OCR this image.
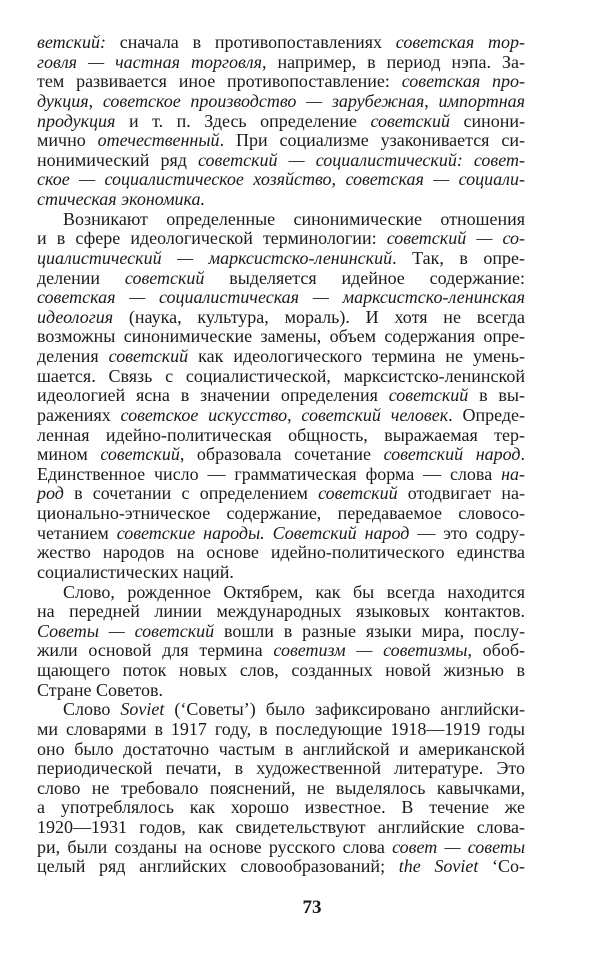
ветский: сначала в противопоставлениях советская тор-
говля — частная торговля, например, в период нэпа. За-
тем развивается иное противопоставление: советская про-
дукция, советское производство — зарубежная, импортная
продукция и т. п. Здесь определение советский синони-
мично отечественный. При социализме узаконивается си-
нонимический ряд советский — социалистический: совет-
ское — социалистическое хозяйство, советская — социали-
стическая экономика.
Возникают определенные синонимические отношения
и в сфере идеологической терминологии: советский — со-
циалистический — марксистско-ленинский. Так, в опре-
делении советский выделяется идейное содержание:
советская — социалистическая — марксистско-ленинская
идеология (наука, культура, мораль). И хотя не всегда
возможны синонимические замены, объем содержания опре-
деления советский как идеологического термина не умень-
шается. Связь с социалистической, марксистско-ленинской
идеологией ясна в значении определения советский в вы-
ражениях советское искусство, советский человек. Опреде-
ленная идейно-политическая общность, выражаемая тер-
мином советский, образовала сочетание советский народ.
Единственное число — грамматическая форма — слова на-
род в сочетании с определением советский отодвигает на-
ционально-этническое содержание, передаваемое словосо-
четанием советские народы. Советский народ — это содру-
жество народов на основе идейно-политического единства
социалистических наций.
Слово, рожденное Октябрем, как бы всегда находится
на передней линии международных языковых контактов.
Советы — советский вошли в разные языки мира, послу-
жили основой для термина советизм — советизмы, обоб-
щающего поток новых слов, созданных новой жизнью в
Стране Советов.
Слово Soviet (‘Советы’) было зафиксировано английски-
ми словарями в 1917 году, в последующие 1918—1919 годы
оно было достаточно частым в английской и американской
периодической печати, в художественной литературе. Это
слово не требовало пояснений, не выделялось кавычками,
а употреблялось как хорошо известное. В течение же
1920—1931 годов, как свидетельствуют английские слова-
ри, были созданы на основе русского слова совет — советы
целый ряд английских словообразований; the Soviet ‘Со-
73
